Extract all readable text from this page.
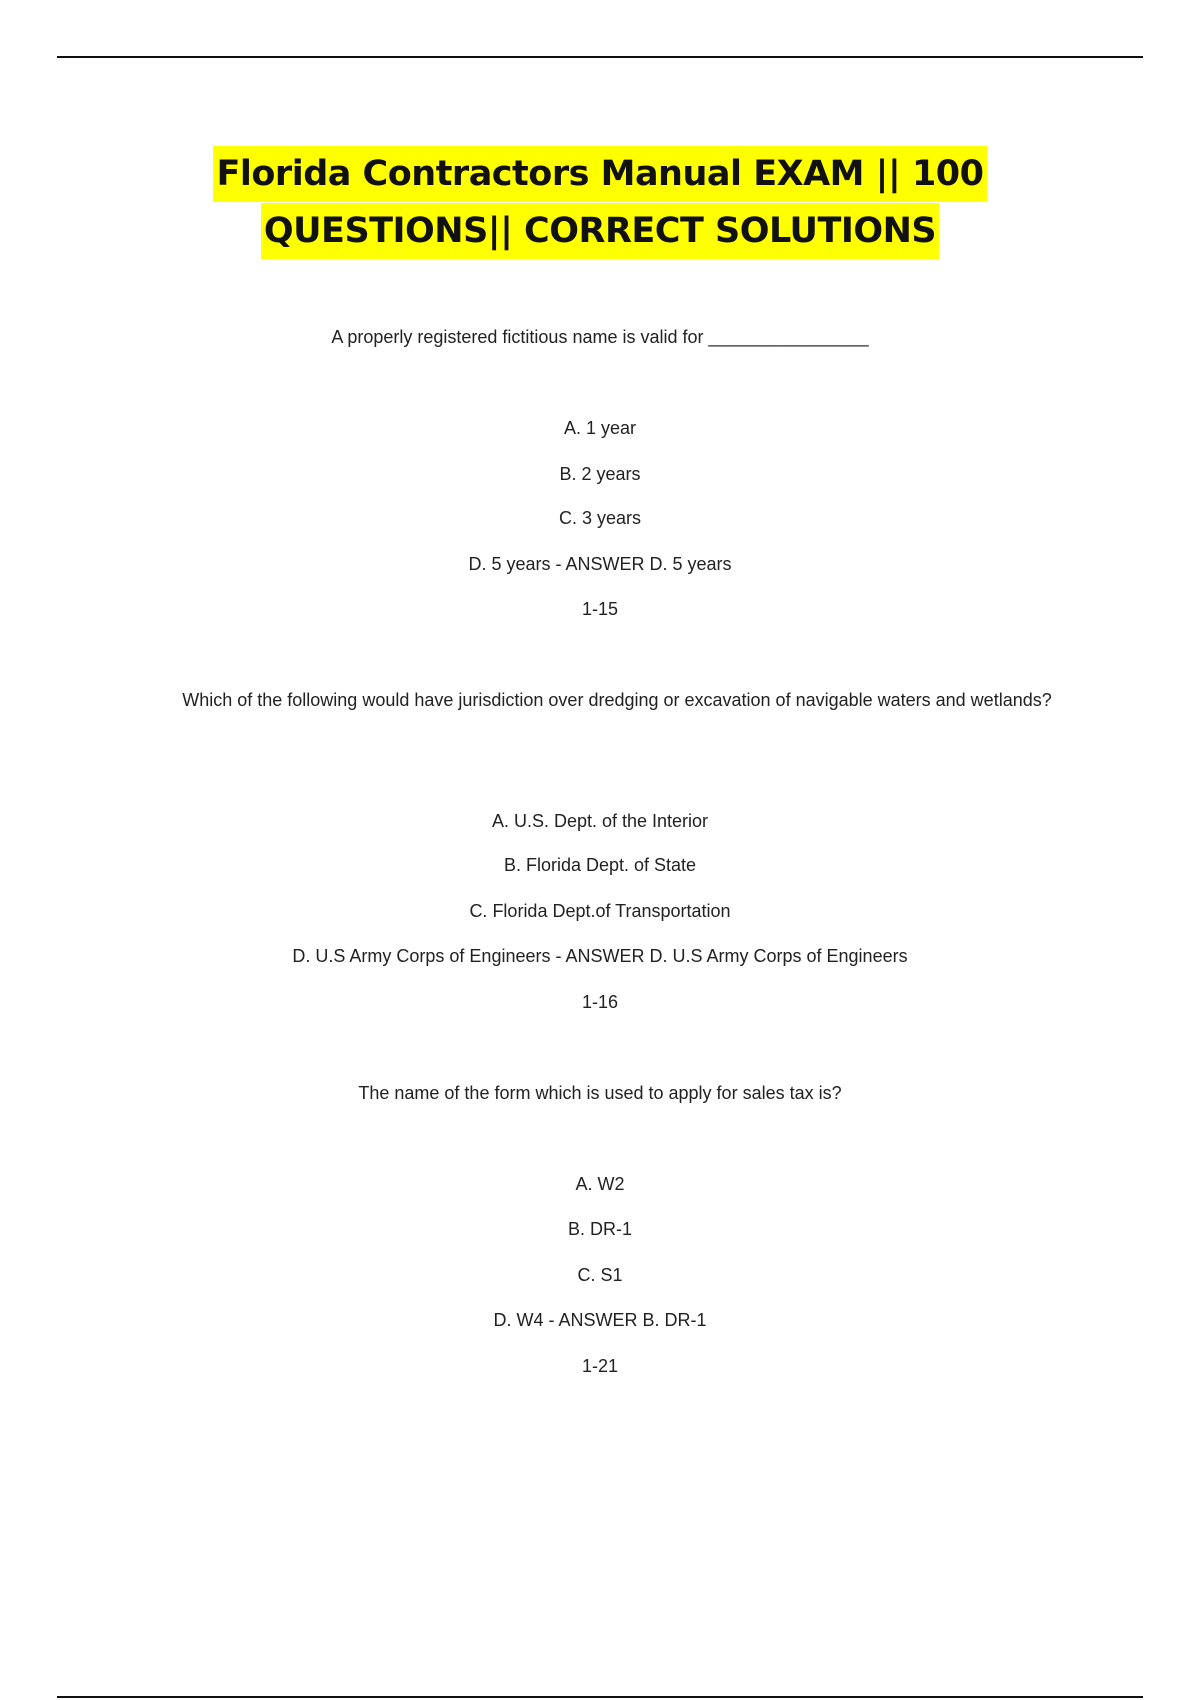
Florida Contractors Manual EXAM || 100
QUESTIONS|| CORRECT SOLUTIONS
A properly registered fictitious name is valid for ________________
A. 1 year
B. 2 years
C. 3 years
D. 5 years - ANSWER D. 5 years
1-15
Which of the following would have jurisdiction over dredging or excavation of navigable waters and wetlands?
A. U.S. Dept. of the Interior
B. Florida Dept. of State
C. Florida Dept.of Transportation
D. U.S Army Corps of Engineers - ANSWER D. U.S Army Corps of Engineers
1-16
The name of the form which is used to apply for sales tax is?
A. W2
B. DR-1
C. S1
D. W4 - ANSWER B. DR-1
1-21
